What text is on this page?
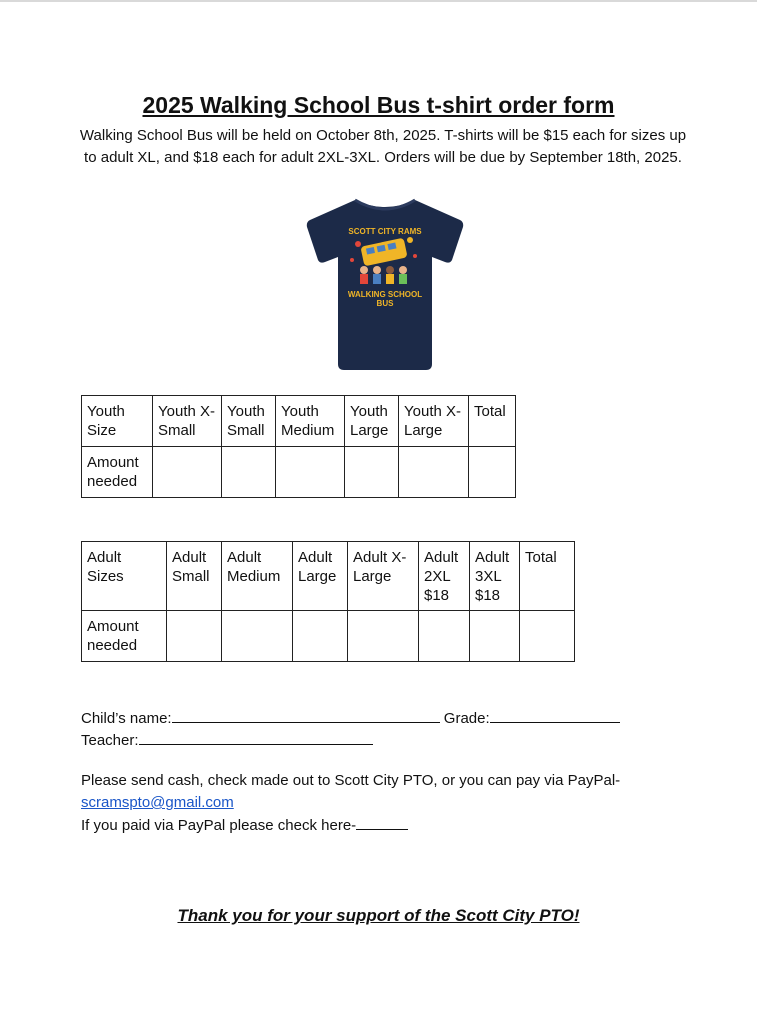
2025 Walking School Bus t-shirt order form

Walking School Bus will be held on October 8th, 2025. T-shirts will be $15 each for sizes up to adult XL, and $18 each for adult 2XL-3XL. Orders will be due by September 18th, 2025.

SCOTT CITY RAMS
WALKING SCHOOL
BUS
Youth Size	Youth X-Small	Youth Small	Youth Medium	Youth Large	Youth X-Large	Total
Amount needed						
Adult Sizes	Adult Small	Adult Medium	Adult Large	Adult X-Large	Adult 2XL $18	Adult 3XL $18	Total
Amount needed							

Child’s name:	Grade:

Teacher:

Please send cash, check made out to Scott City PTO, or you can pay via PayPal-

scramspto@gmail.com

If you paid via PayPal please check here-

Thank you for your support of the Scott City PTO!
